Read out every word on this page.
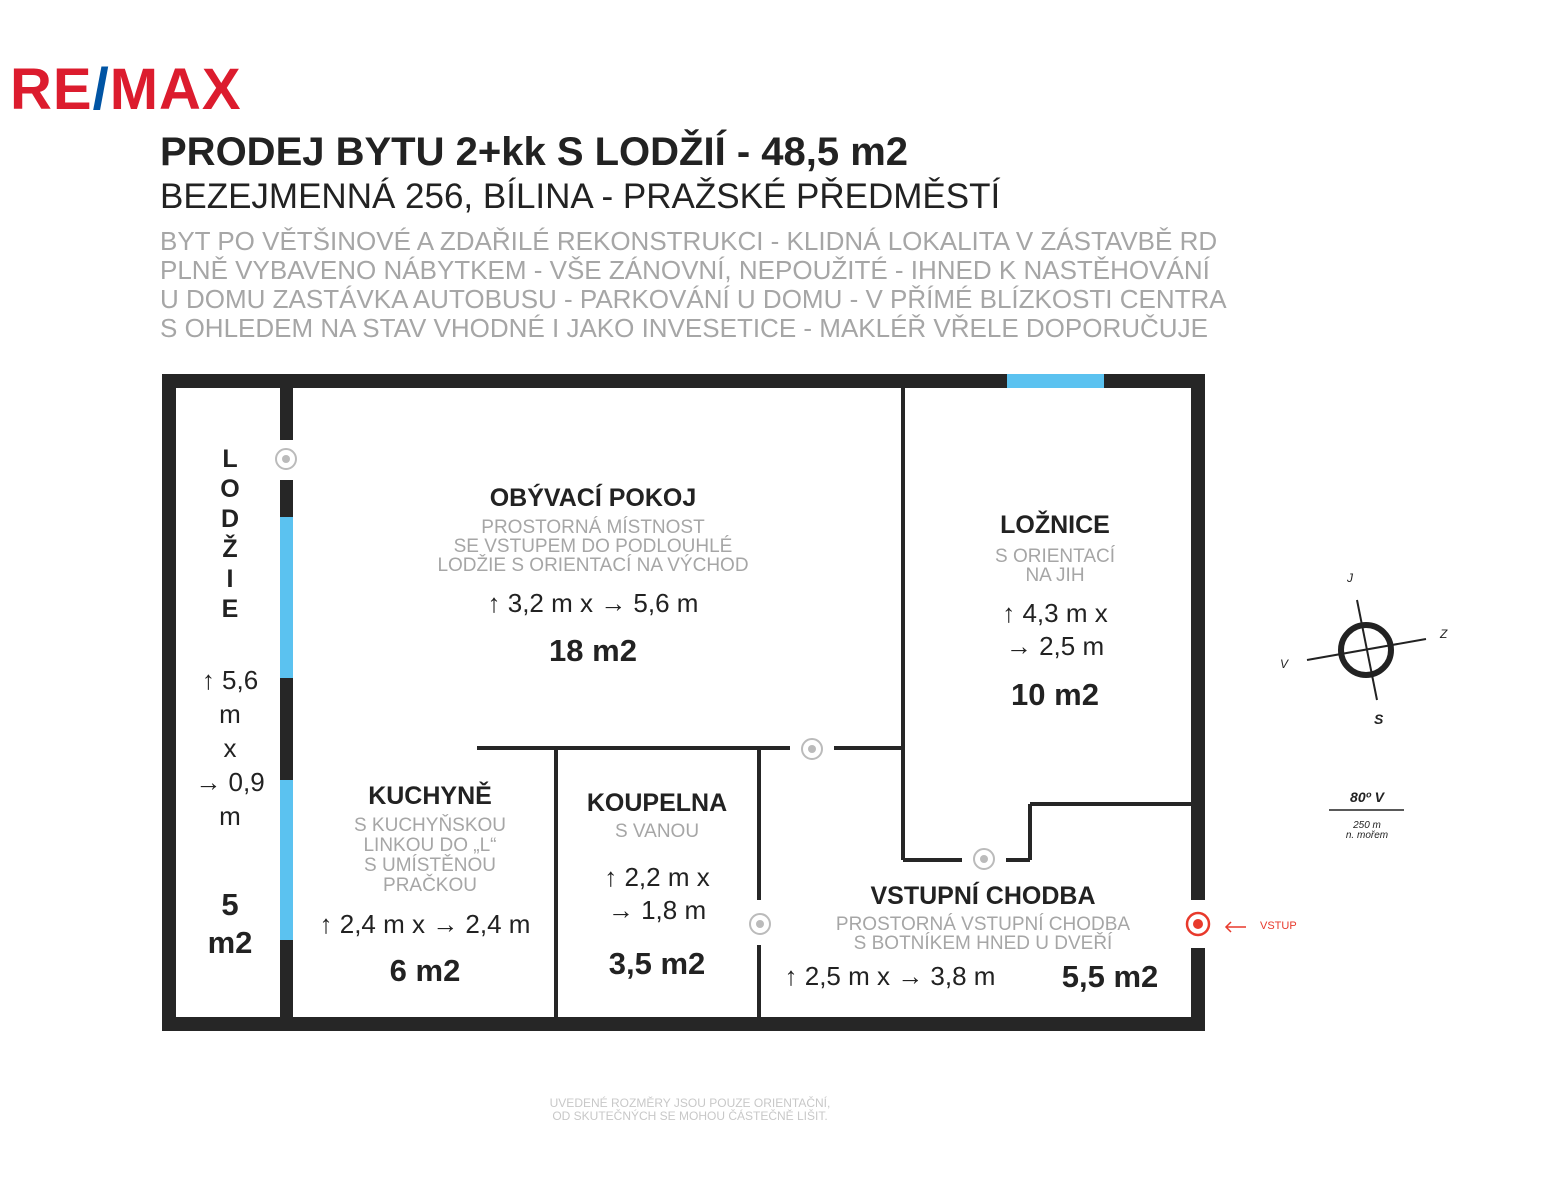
RE/MAX
PRODEJ BYTU 2+kk S LODŽIÍ - 48,5 m2
BEZEJMENNÁ 256, BÍLINA - PRAŽSKÉ PŘEDMĚSTÍ
BYT PO VĚTŠINOVÉ A ZDAŘILÉ REKONSTRUKCI - KLIDNÁ LOKALITA V ZÁSTAVBĚ RD
PLNĚ VYBAVENO NÁBYTKEM - VŠE ZÁNOVNÍ, NEPOUŽITÉ - IHNED K NASTĚHOVÁNÍ
U DOMU ZASTÁVKA AUTOBUSU - PARKOVÁNÍ U DOMU - V PŘÍMÉ BLÍZKOSTI CENTRA
S OHLEDEM NA STAV VHODNÉ I JAKO INVESETICE - MAKLÉŘ VŘELE DOPORUČUJE
L
O
D
Ž
I
E
↑ 5,6
m
x
→ 0,9
m
5
m2
OBÝVACÍ POKOJ
PROSTORNÁ MÍSTNOST
SE VSTUPEM DO PODLOUHLÉ
LODŽIE S ORIENTACÍ NA VÝCHOD
↑ 3,2 m x → 5,6 m
18 m2
LOŽNICE
S ORIENTACÍ
NA JIH
↑ 4,3 m x
→ 2,5 m
10 m2
KUCHYNĚ
S KUCHYŇSKOU
LINKOU DO „L“
S UMÍSTĚNOU
PRAČKOU
↑ 2,4 m x → 2,4 m
6 m2
KOUPELNA
S VANOU
↑ 2,2 m x
→ 1,8 m
3,5 m2
VSTUPNÍ CHODBA
PROSTORNÁ VSTUPNÍ CHODBA
S BOTNÍKEM HNED U DVEŘÍ
↑ 2,5 m x → 3,8 m	5,5 m2
VSTUP
J
Z
V
S
80º V
250 m
n. mořem
UVEDENÉ ROZMĚRY JSOU POUZE ORIENTAČNÍ,
OD SKUTEČNÝCH SE MOHOU ČÁSTEČNĚ LIŠIT.
